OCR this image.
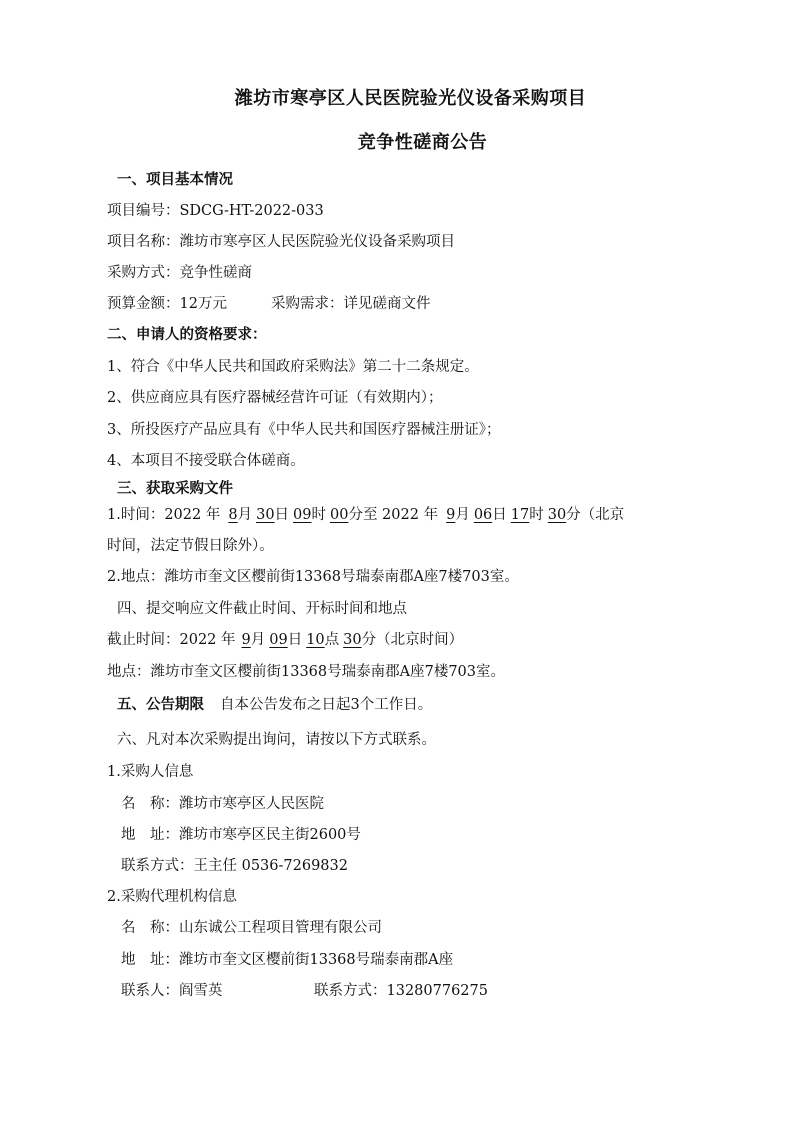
潍坊市寒亭区人民医院验光仪设备采购项目
竞争性磋商公告
一、项目基本情况
项目编号：SDCG-HT-2022-033
项目名称：潍坊市寒亭区人民医院验光仪设备采购项目
采购方式：竞争性磋商
预算金额：12万元	采购需求：详见磋商文件
二、申请人的资格要求：
1、符合《中华人民共和国政府采购法》第二十二条规定。
2、供应商应具有医疗器械经营许可证（有效期内）；
3、所投医疗产品应具有《中华人民共和国医疗器械注册证》；
4、本项目不接受联合体磋商。
三、获取采购文件
1.时间：2022 年 8月 30日 09时 00分至 2022 年 9月 06日 17时 30分（北京
时间，法定节假日除外）。
2.地点：潍坊市奎文区樱前街13368号瑞泰南郡A座7楼703室。
四、提交响应文件截止时间、开标时间和地点
截止时间：2022 年 9月 09日 10点 30分（北京时间）
地点：潍坊市奎文区樱前街13368号瑞泰南郡A座7楼703室。
五、公告期限 自本公告发布之日起3个工作日。
六、凡对本次采购提出询问，请按以下方式联系。
1.采购人信息
名　称：潍坊市寒亭区人民医院
地　址：潍坊市寒亭区民主街2600号
联系方式：王主任 0536-7269832
2.采购代理机构信息
名　称：山东诚公工程项目管理有限公司
地　址：潍坊市奎文区樱前街13368号瑞泰南郡A座
联系人：阎雪英	联系方式：13280776275
